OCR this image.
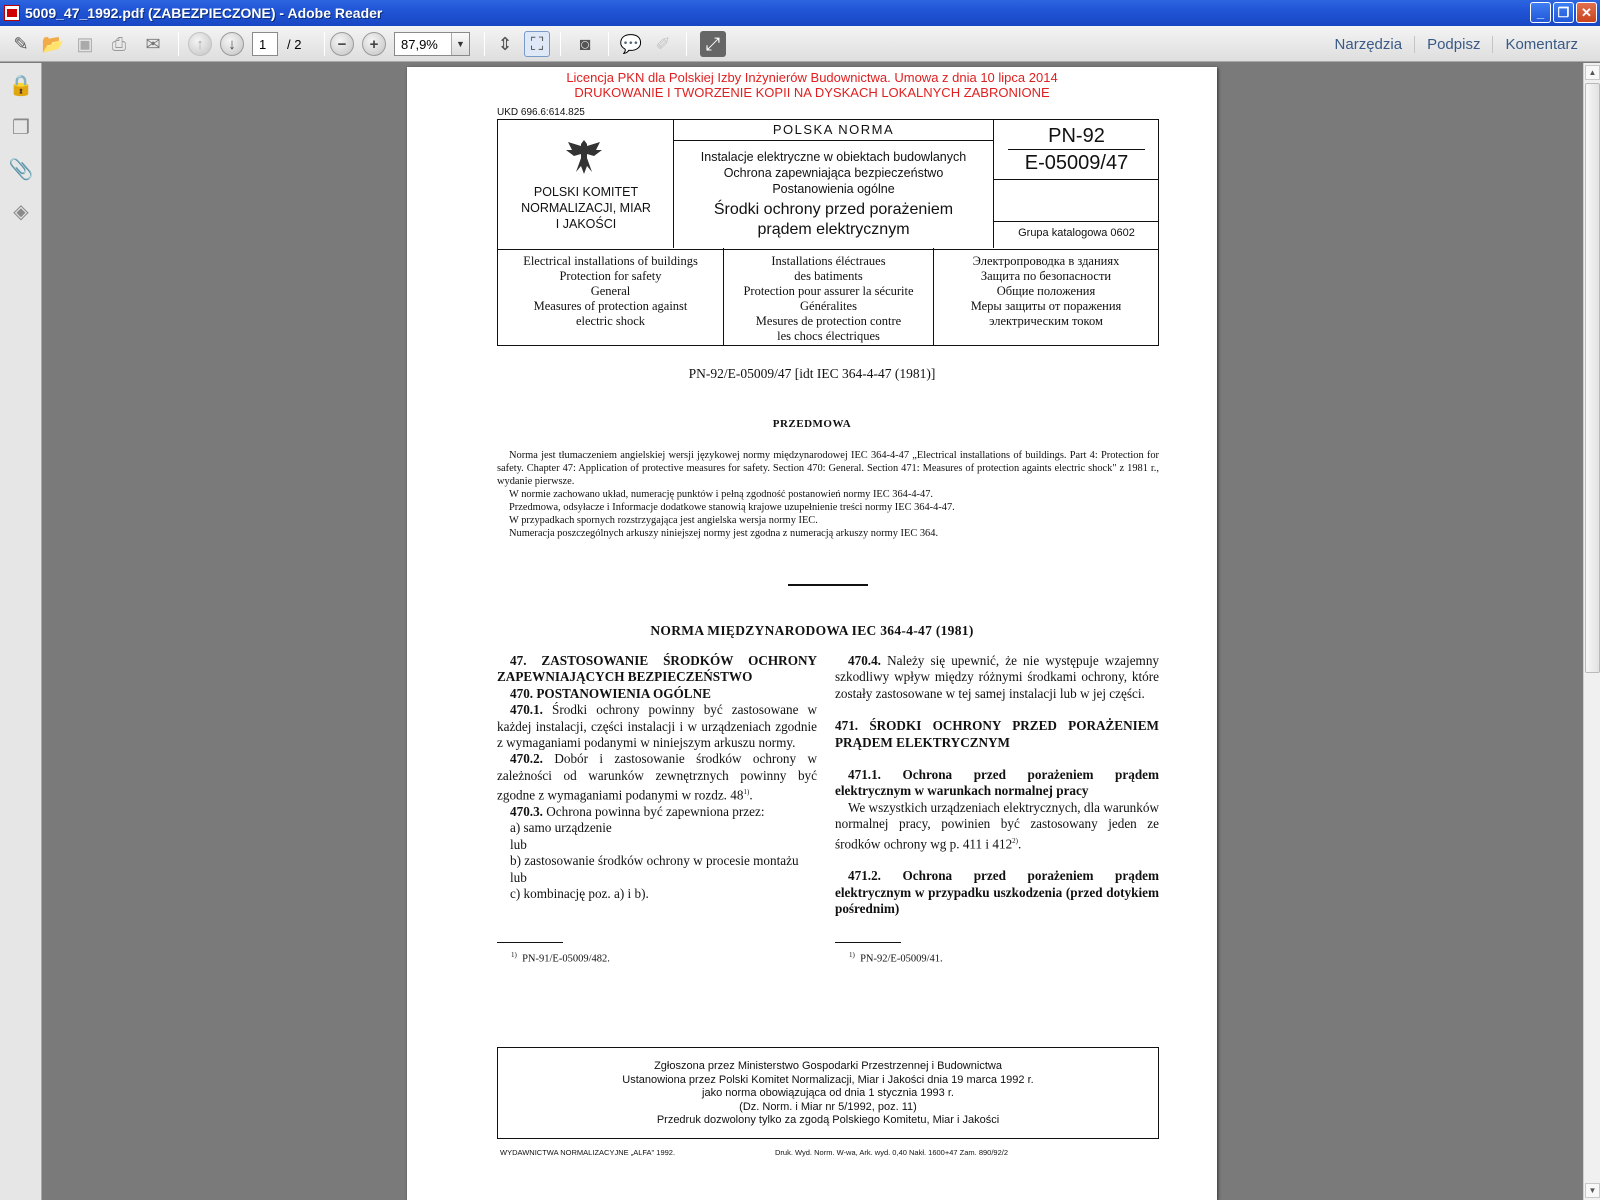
5009_47_1992.pdf (ZABEZPIECZONE) - Adobe Reader	_	❐ ✕
✎ 📂 ▣	⎙	✉	↑	↓	1	/ 2	−	+	87,9%	▼	⇕	⛶	◙	💬 ✐	⤢	Narzędzia	Podpisz	Komentarz
🔒
❐
📎
◈
▲
▼
Licencja PKN dla Polskiej Izby Inżynierów Budownictwa. Umowa z dnia 10 lipca 2014
DRUKOWANIE I TWORZENIE KOPII NA DYSKACH LOKALNYCH ZABRONIONE
UKD 696.6:614.825
POLSKI KOMITET
NORMALIZACJI, MIAR
I JAKOŚCI
POLSKA NORMA
Instalacje elektryczne w obiektach budowlanych
Ochrona zapewniająca bezpieczeństwo
Postanowienia ogólne
Środki ochrony przed porażeniem
prądem elektrycznym
PN-92
E-05009/47
Grupa katalogowa 0602
Electrical installations of buildings
Protection for safety
General
Measures of protection against
electric shock
Installations éléctraues
des batiments
Protection pour assurer la sécurite
Généralites
Mesures de protection contre
les chocs électriques
Электропроводка в зданиях
Защита по безопасности
Общие положения
Меры защиты от поражения
электрическим током
PN-92/E-05009/47 [idt IEC 364-4-47 (1981)]
PRZEDMOWA

Norma jest tłumaczeniem angielskiej wersji językowej normy międzynarodowej IEC 364-4-47 „Electrical installations of buildings. Part 4: Protection for safety. Chapter 47: Application of protective measures for safety. Section 470: General. Section 471: Measures of protection againts electric shock" z 1981 r., wydanie pierwsze.

W normie zachowano układ, numerację punktów i pełną zgodność postanowień normy IEC 364-4-47.

Przedmowa, odsyłacze i Informacje dodatkowe stanowią krajowe uzupełnienie treści normy IEC 364-4-47.

W przypadkach spornych rozstrzygająca jest angielska wersja normy IEC.

Numeracja poszczególnych arkuszy niniejszej normy jest zgodna z numeracją arkuszy normy IEC 364.

NORMA MIĘDZYNARODOWA IEC 364-4-47 (1981)

47. ZASTOSOWANIE ŚRODKÓW OCHRONY ZAPEWNIAJĄCYCH BEZPIECZEŃSTWO

470. POSTANOWIENIA OGÓLNE

470.1. Środki ochrony powinny być zastosowane w każdej instalacji, części instalacji i w urządzeniach zgodnie z wymaganiami podanymi w niniejszym arkuszu normy.

470.2. Dobór i zastosowanie środków ochrony w zależności od warunków zewnętrznych powinny być zgodne z wymaganiami podanymi w rozdz. 48$^{1)}$.

470.3. Ochrona powinna być zapewniona przez:

a) samo urządzenie

lub

b) zastosowanie środków ochrony w procesie montażu

lub

c) kombinację poz. a) i b).

470.4. Należy się upewnić, że nie występuje wzajemny szkodliwy wpływ między różnymi środkami ochrony, które zostały zastosowane w tej samej instalacji lub w jej części.

471. ŚRODKI OCHRONY PRZED PORAŻENIEM PRĄDEM ELEKTRYCZNYM

471.1. Ochrona przed porażeniem prądem elektrycznym w warunkach normalnej pracy

We wszystkich urządzeniach elektrycznych, dla warunków normalnej pracy, powinien być zastosowany jeden ze środków ochrony wg p. 411 i 412$^{2)}$.

471.2. Ochrona przed porażeniem prądem elektrycznym w przypadku uszkodzenia (przed dotykiem pośrednim)

$^{1)}$ PN-91/E-05009/482.	$^{1)}$ PN-92/E-05009/41.
Zgłoszona przez Ministerstwo Gospodarki Przestrzennej i Budownictwa
Ustanowiona przez Polski Komitet Normalizacji, Miar i Jakości dnia 19 marca 1992 r.
jako norma obowiązująca od dnia 1 stycznia 1993 r.
(Dz. Norm. i Miar nr 5/1992, poz. 11)
Przedruk dozwolony tylko za zgodą Polskiego Komitetu, Miar i Jakości
WYDAWNICTWA NORMALIZACYJNE „ALFA" 1992.	Druk. Wyd. Norm. W-wa, Ark. wyd. 0,40 Nakł. 1600+47 Zam. 890/92/2
